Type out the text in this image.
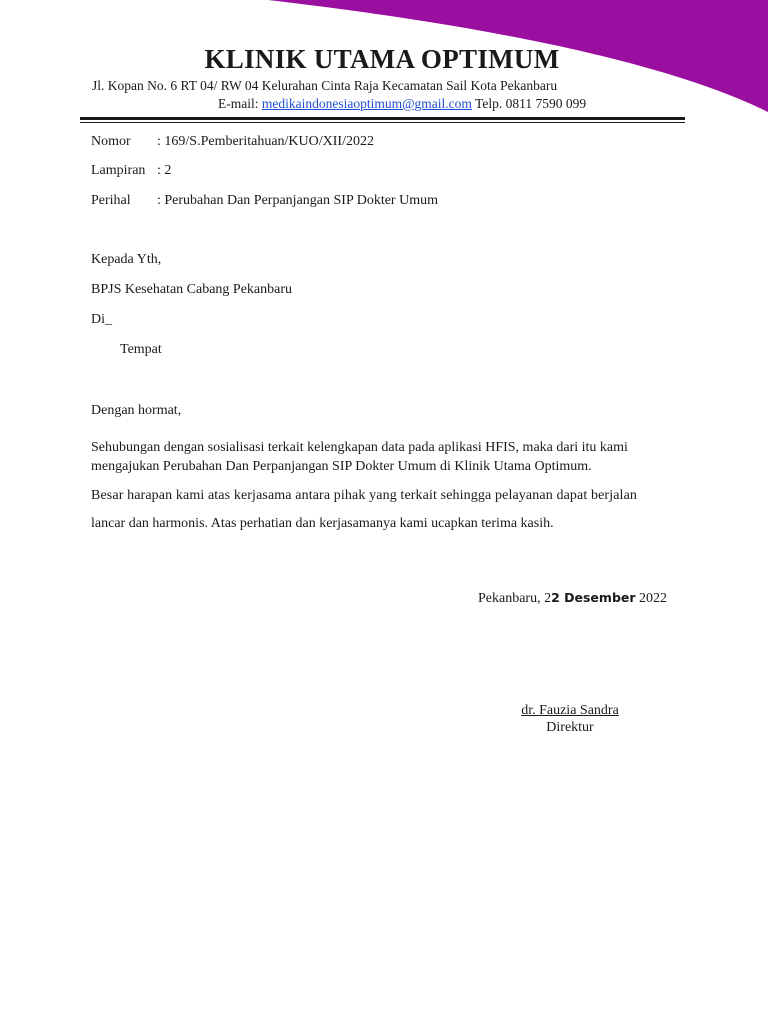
KLINIK UTAMA OPTIMUM
Jl. Kopan No. 6 RT 04/ RW 04 Kelurahan Cinta Raja Kecamatan Sail Kota Pekanbaru
E-mail: medikaindonesiaoptimum@gmail.com Telp. 0811 7590 099
Nomor : 169/S.Pemberitahuan/KUO/XII/2022
Lampiran : 2
Perihal : Perubahan Dan Perpanjangan SIP Dokter Umum
Kepada Yth,
BPJS Kesehatan Cabang Pekanbaru
Di_
Tempat
Dengan hormat,
Sehubungan dengan sosialisasi terkait kelengkapan data pada aplikasi HFIS, maka dari itu kami
mengajukan Perubahan Dan Perpanjangan SIP Dokter Umum di Klinik Utama Optimum.
Besar harapan kami atas kerjasama antara pihak yang terkait sehingga pelayanan dapat berjalan
lancar dan harmonis. Atas perhatian dan kerjasamanya kami ucapkan terima kasih.
Pekanbaru, 22 Desember 2022
dr. Fauzia Sandra
Direktur
